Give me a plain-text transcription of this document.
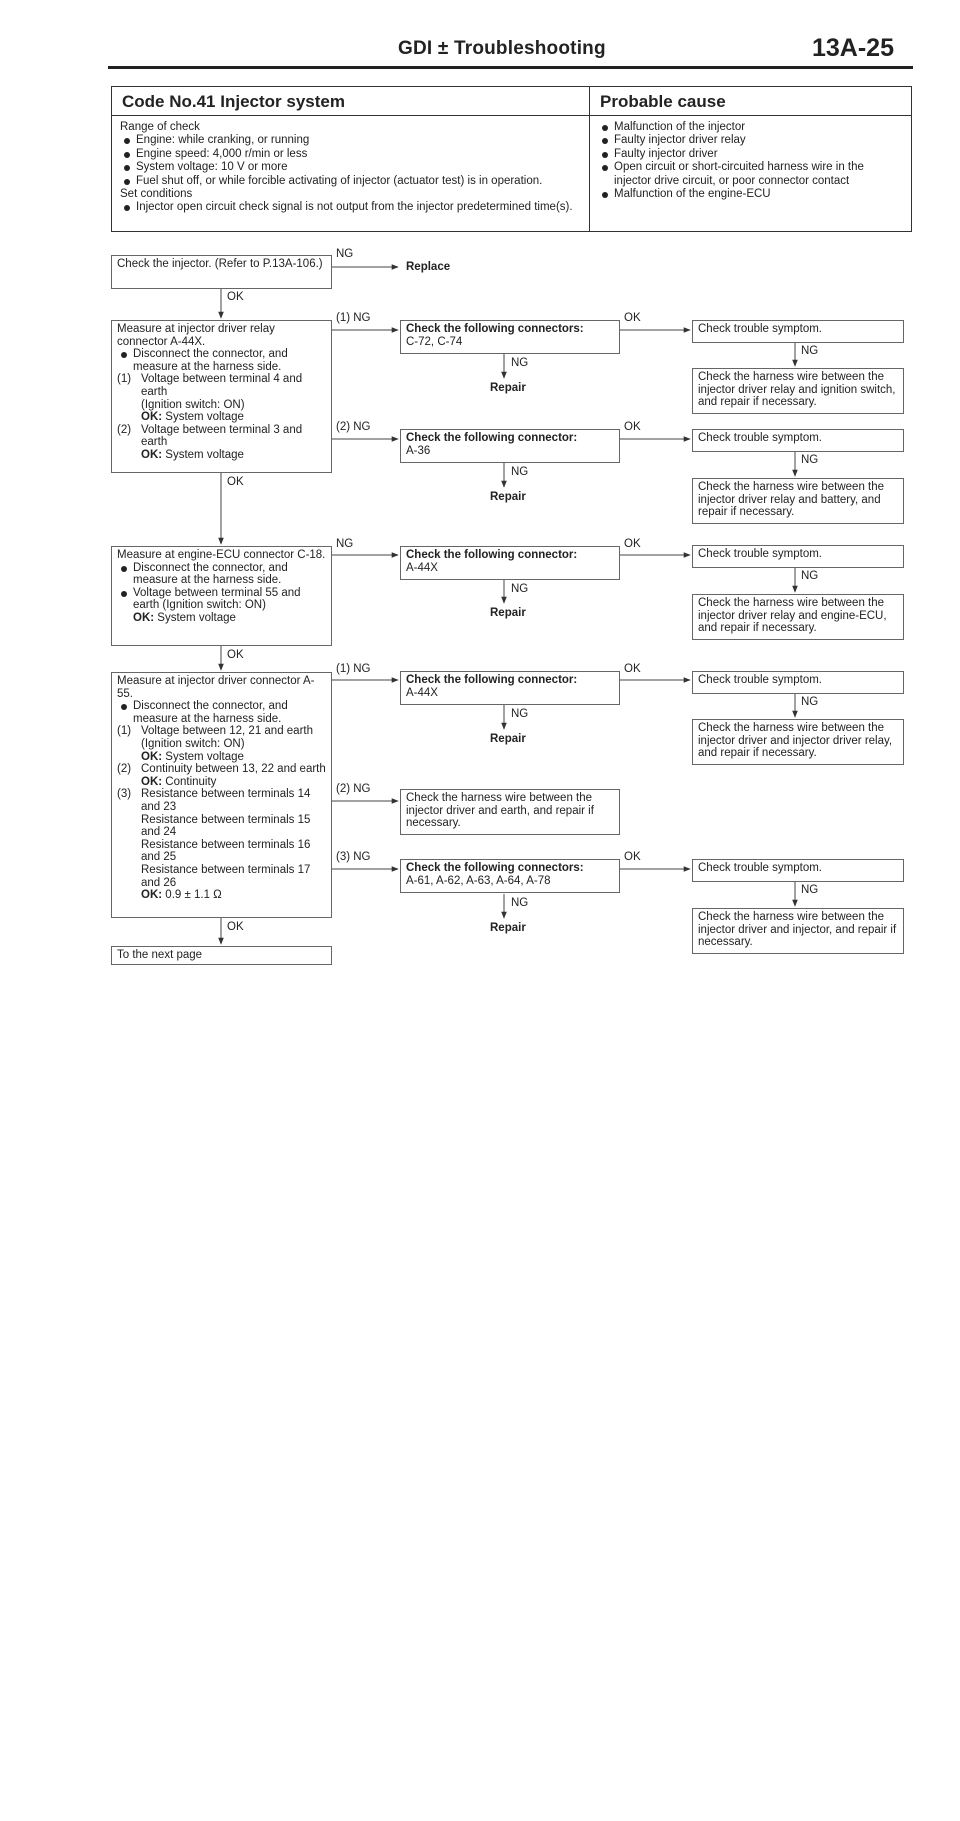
GDI ± Troubleshooting	13A-25
Code No.41 Injector system	Probable cause
Range of check
Engine: while cranking, or running
Engine speed: 4,000 r/min or less
System voltage: 10 V or more
Fuel shut off, or while forcible activating of injector (actuator test) is in operation.
Set conditions
Injector open circuit check signal is not output from the injector predetermined time(s).
Malfunction of the injector
Faulty injector driver relay
Faulty injector driver
Open circuit or short-circuited harness wire in the injector drive circuit, or poor connector contact
Malfunction of the engine-ECU
Check the injector. (Refer to P.13A-106.)
NG
Replace
OK
Measure at injector driver relay connector A-44X.
Disconnect the connector, and measure at the harness side.
(1) Voltage between terminal 4 and earth
(Ignition switch: ON)
OK: System voltage
(2) Voltage between terminal 3 and earth
OK: System voltage
(1) NG
(2) NG
OK
Check the following connectors:
C-72, C-74
OK
NG
Repair
Check trouble symptom.
NG
Check the harness wire between the injector driver relay and ignition switch, and repair if necessary.
Check the following connector:
A-36
OK
NG
Repair
Check trouble symptom.
NG
Check the harness wire between the injector driver relay and battery, and repair if necessary.
Measure at engine-ECU connector C-18.
Disconnect the connector, and measure at the harness side.
Voltage between terminal 55 and earth (Ignition switch: ON)
OK: System voltage
NG
OK
Check the following connector:
A-44X
OK
NG
Repair
Check trouble symptom.
NG
Check the harness wire between the injector driver relay and engine-ECU, and repair if necessary.
Measure at injector driver connector A-55.
Disconnect the connector, and measure at the harness side.
(1) Voltage between 12, 21 and earth
(Ignition switch: ON)
OK: System voltage
(2) Continuity between 13, 22 and earth
OK: Continuity
(3) Resistance between terminals 14 and 23
Resistance between terminals 15 and 24
Resistance between terminals 16 and 25
Resistance between terminals 17 and 26
OK: 0.9 ± 1.1 Ω
(1) NG
(2) NG
(3) NG
OK
Check the following connector:
A-44X
OK
NG
Repair
Check trouble symptom.
NG
Check the harness wire between the injector driver and injector driver relay, and repair if necessary.
Check the harness wire between the injector driver and earth, and repair if necessary.
Check the following connectors:
A-61, A-62, A-63, A-64, A-78
OK
NG
Repair
Check trouble symptom.
NG
Check the harness wire between the injector driver and injector, and repair if necessary.
To the next page
